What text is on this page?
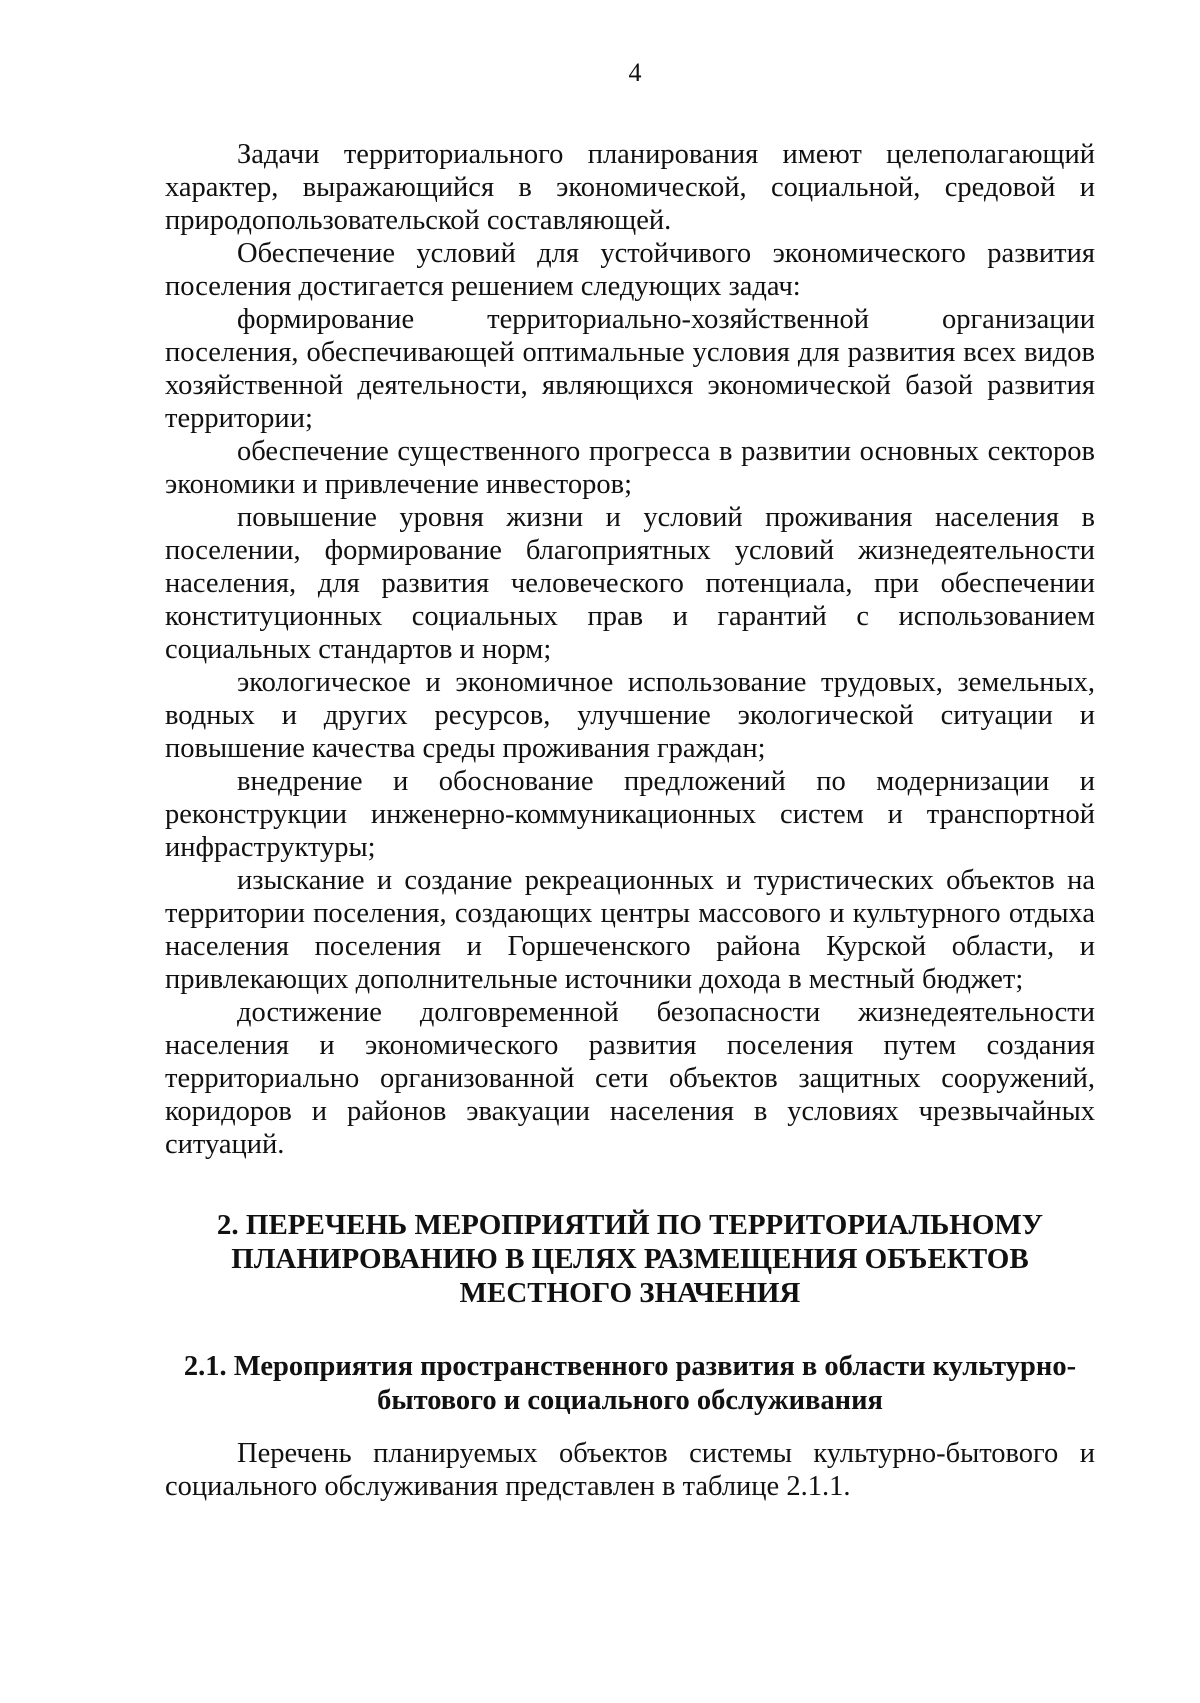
4

Задачи территориального планирования имеют целеполагающий характер, выражающийся в экономической, социальной, средовой и природопользовательской составляющей.

Обеспечение условий для устойчивого экономического развития поселения достигается решением следующих задач:

формирование территориально-хозяйственной организации поселения, обеспечивающей оптимальные условия для развития всех видов хозяйственной деятельности, являющихся экономической базой развития территории;

обеспечение существенного прогресса в развитии основных секторов экономики и привлечение инвесторов;

повышение уровня жизни и условий проживания населения в поселении, формирование благоприятных условий жизнедеятельности населения, для развития человеческого потенциала, при обеспечении конституционных социальных прав и гарантий с использованием социальных стандартов и норм;

экологическое и экономичное использование трудовых, земельных, водных и других ресурсов, улучшение экологической ситуации и повышение качества среды проживания граждан;

внедрение и обоснование предложений по модернизации и реконструкции инженерно-коммуникационных систем и транспортной инфраструктуры;

изыскание и создание рекреационных и туристических объектов на территории поселения, создающих центры массового и культурного отдыха населения поселения и Горшеченского района Курской области, и привлекающих дополнительные источники дохода в местный бюджет;

достижение долговременной безопасности жизнедеятельности населения и экономического развития поселения путем создания территориально организованной сети объектов защитных сооружений, коридоров и районов эвакуации населения в условиях чрезвычайных ситуаций.

2. ПЕРЕЧЕНЬ МЕРОПРИЯТИЙ ПО ТЕРРИТОРИАЛЬНОМУ ПЛАНИРОВАНИЮ В ЦЕЛЯХ РАЗМЕЩЕНИЯ ОБЪЕКТОВ МЕСТНОГО ЗНАЧЕНИЯ
2.1. Мероприятия пространственного развития в области культурно-бытового и социального обслуживания

Перечень планируемых объектов системы культурно-бытового и социального обслуживания представлен в таблице 2.1.1.
